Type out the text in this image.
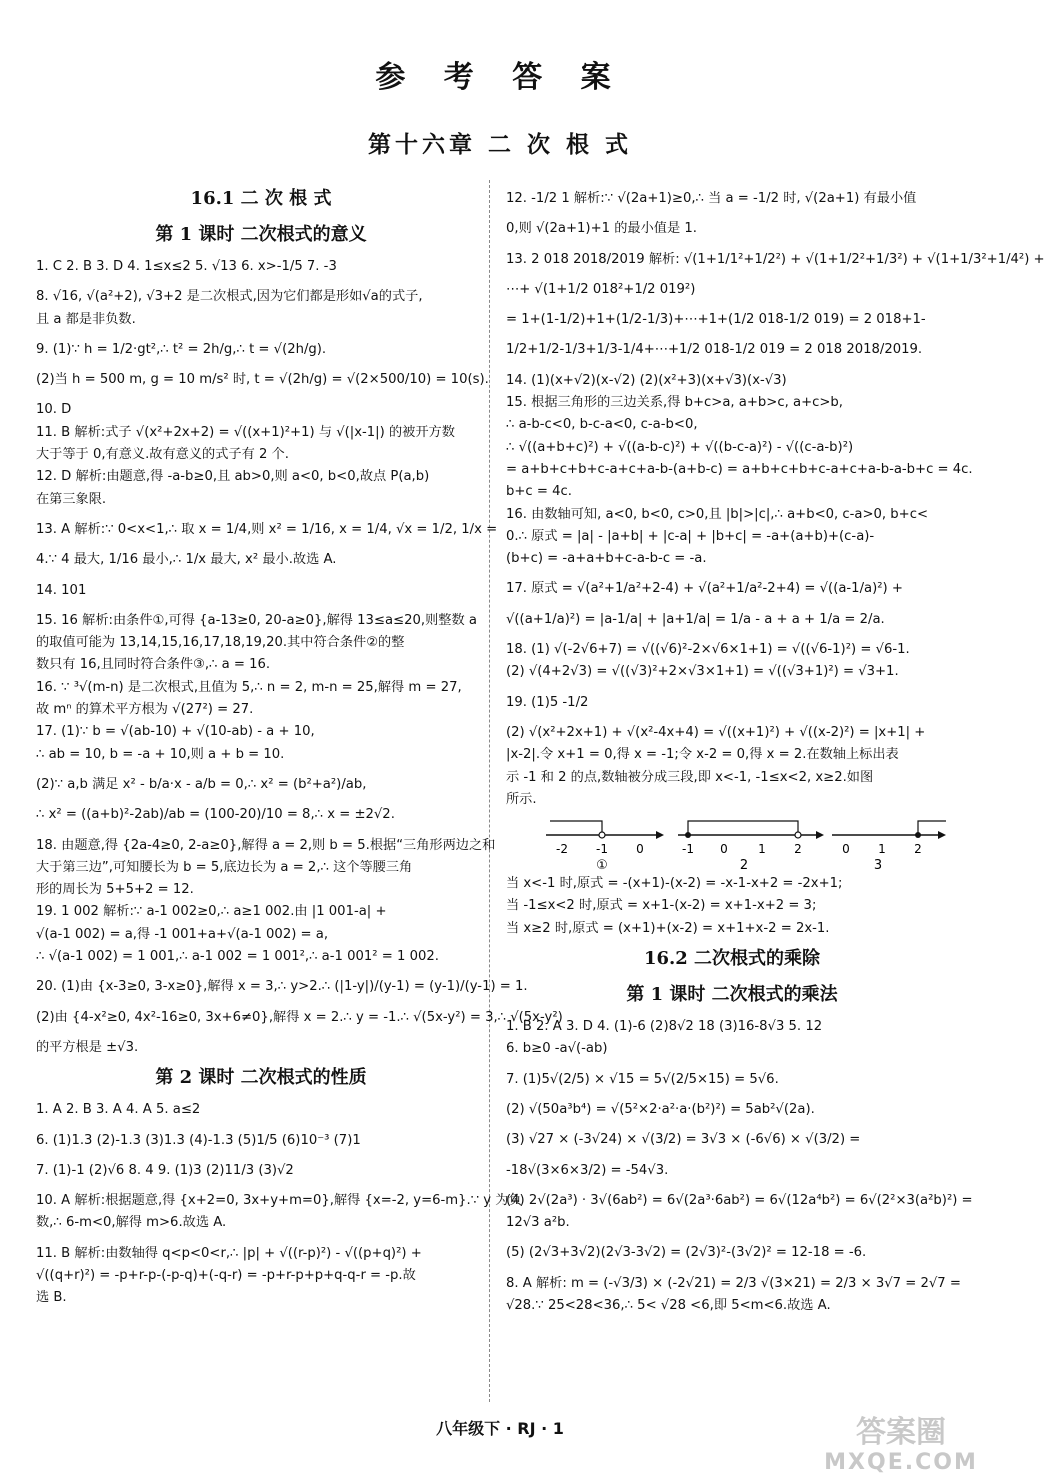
参 考 答 案
第十六章 二 次 根 式
16.1 二 次 根 式
第 1 课时 二次根式的意义
1. C 2. B 3. D 4. 1≤x≤2 5. √13 6. x>-1/5 7. -3
8. √16, √(a²+2), √3+2 是二次根式,因为它们都是形如√a的式子,
且 a 都是非负数.
9. (1)∵ h = 1/2·gt²,∴ t² = 2h/g,∴ t = √(2h/g).
(2)当 h = 500 m, g = 10 m/s² 时, t = √(2h/g) = √(2×500/10) = 10(s).
10. D
11. B 解析:式子 √(x²+2x+2) = √((x+1)²+1) 与 √(|x-1|) 的被开方数
大于等于 0,有意义.故有意义的式子有 2 个.
12. D 解析:由题意,得 -a-b≥0,且 ab>0,则 a<0, b<0,故点 P(a,b)
在第三象限.
13. A 解析:∵ 0<x<1,∴ 取 x = 1/4,则 x² = 1/16, x = 1/4, √x = 1/2, 1/x =
4.∵ 4 最大, 1/16 最小,∴ 1/x 最大, x² 最小.故选 A.
14. 101
15. 16 解析:由条件①,可得 {a-13≥0, 20-a≥0},解得 13≤a≤20,则整数 a
的取值可能为 13,14,15,16,17,18,19,20.其中符合条件②的整
数只有 16,且同时符合条件③,∴ a = 16.
16. ∵ ³√(m-n) 是二次根式,且值为 5,∴ n = 2, m-n = 25,解得 m = 27,
故 mⁿ 的算术平方根为 √(27²) = 27.
17. (1)∵ b = √(ab-10) + √(10-ab) - a + 10,
∴ ab = 10, b = -a + 10,则 a + b = 10.
(2)∵ a,b 满足 x² - b/a·x - a/b = 0,∴ x² = (b²+a²)/ab,
∴ x² = ((a+b)²-2ab)/ab = (100-20)/10 = 8,∴ x = ±2√2.
18. 由题意,得 {2a-4≥0, 2-a≥0},解得 a = 2,则 b = 5.根据“三角形两边之和
大于第三边”,可知腰长为 b = 5,底边长为 a = 2,∴ 这个等腰三角
形的周长为 5+5+2 = 12.
19. 1 002 解析:∵ a-1 002≥0,∴ a≥1 002.由 |1 001-a| +
√(a-1 002) = a,得 -1 001+a+√(a-1 002) = a,
∴ √(a-1 002) = 1 001,∴ a-1 002 = 1 001²,∴ a-1 001² = 1 002.
20. (1)由 {x-3≥0, 3-x≥0},解得 x = 3,∴ y>2.∴ (|1-y|)/(y-1) = (y-1)/(y-1) = 1.
(2)由 {4-x²≥0, 4x²-16≥0, 3x+6≠0},解得 x = 2.∴ y = -1.∴ √(5x-y²) = 3,∴ √(5x-y²)
的平方根是 ±√3.
第 2 课时 二次根式的性质
1. A 2. B 3. A 4. A 5. a≤2
6. (1)1.3 (2)-1.3 (3)1.3 (4)-1.3 (5)1/5 (6)10⁻³ (7)1
7. (1)-1 (2)√6 8. 4 9. (1)3 (2)11/3 (3)√2
10. A 解析:根据题意,得 {x+2=0, 3x+y+m=0},解得 {x=-2, y=6-m}.∵ y 为负
数,∴ 6-m<0,解得 m>6.故选 A.
11. B 解析:由数轴得 q<p<0<r,∴ |p| + √((r-p)²) - √((p+q)²) +
√((q+r)²) = -p+r-p-(-p-q)+(-q-r) = -p+r-p+p+q-q-r = -p.故
选 B.
12. -1/2 1 解析:∵ √(2a+1)≥0,∴ 当 a = -1/2 时, √(2a+1) 有最小值
0,则 √(2a+1)+1 的最小值是 1.
13. 2 018 2018/2019 解析: √(1+1/1²+1/2²) + √(1+1/2²+1/3²) + √(1+1/3²+1/4²) +
⋯+ √(1+1/2 018²+1/2 019²)
= 1+(1-1/2)+1+(1/2-1/3)+⋯+1+(1/2 018-1/2 019) = 2 018+1-
1/2+1/2-1/3+1/3-1/4+⋯+1/2 018-1/2 019 = 2 018 2018/2019.
14. (1)(x+√2)(x-√2) (2)(x²+3)(x+√3)(x-√3)
15. 根据三角形的三边关系,得 b+c>a, a+b>c, a+c>b,
∴ a-b-c<0, b-c-a<0, c-a-b<0,
∴ √((a+b+c)²) + √((a-b-c)²) + √((b-c-a)²) - √((c-a-b)²)
= a+b+c+b+c-a+c+a-b-(a+b-c) = a+b+c+b+c-a+c+a-b-a-b+c = 4c.
b+c = 4c.
16. 由数轴可知, a<0, b<0, c>0,且 |b|>|c|,∴ a+b<0, c-a>0, b+c<
0.∴ 原式 = |a| - |a+b| + |c-a| + |b+c| = -a+(a+b)+(c-a)-
(b+c) = -a+a+b+c-a-b-c = -a.
17. 原式 = √(a²+1/a²+2-4) + √(a²+1/a²-2+4) = √((a-1/a)²) +
√((a+1/a)²) = |a-1/a| + |a+1/a| = 1/a - a + a + 1/a = 2/a.
18. (1) √(-2√6+7) = √((√6)²-2×√6×1+1) = √((√6-1)²) = √6-1.
(2) √(4+2√3) = √((√3)²+2×√3×1+1) = √((√3+1)²) = √3+1.
19. (1)5 -1/2
(2) √(x²+2x+1) + √(x²-4x+4) = √((x+1)²) + √((x-2)²) = |x+1| +
|x-2|.令 x+1 = 0,得 x = -1;令 x-2 = 0,得 x = 2.在数轴上标出表
示 -1 和 2 的点,数轴被分成三段,即 x<-1, -1≤x<2, x≥2.如图
所示.
-2 -1 0
①
-1 0	1 2
2
0 1 2
3
当 x<-1 时,原式 = -(x+1)-(x-2) = -x-1-x+2 = -2x+1;
当 -1≤x<2 时,原式 = x+1-(x-2) = x+1-x+2 = 3;
当 x≥2 时,原式 = (x+1)+(x-2) = x+1+x-2 = 2x-1.
16.2 二次根式的乘除
第 1 课时 二次根式的乘法
1. B 2. A 3. D 4. (1)-6 (2)8√2 18 (3)16-8√3 5. 12
6. b≥0 -a√(-ab)
7. (1)5√(2/5) × √15 = 5√(2/5×15) = 5√6.
(2) √(50a³b⁴) = √(5²×2·a²·a·(b²)²) = 5ab²√(2a).
(3) √27 × (-3√24) × √(3/2) = 3√3 × (-6√6) × √(3/2) =
-18√(3×6×3/2) = -54√3.
(4) 2√(2a³) · 3√(6ab²) = 6√(2a³·6ab²) = 6√(12a⁴b²) = 6√(2²×3(a²b)²) =
12√3 a²b.
(5) (2√3+3√2)(2√3-3√2) = (2√3)²-(3√2)² = 12-18 = -6.
8. A 解析: m = (-√3/3) × (-2√21) = 2/3 √(3×21) = 2/3 × 3√7 = 2√7 =
√28.∵ 25<28<36,∴ 5< √28 <6,即 5<m<6.故选 A.
八年级下 · RJ · 1	答案圈
MXQE.COM
